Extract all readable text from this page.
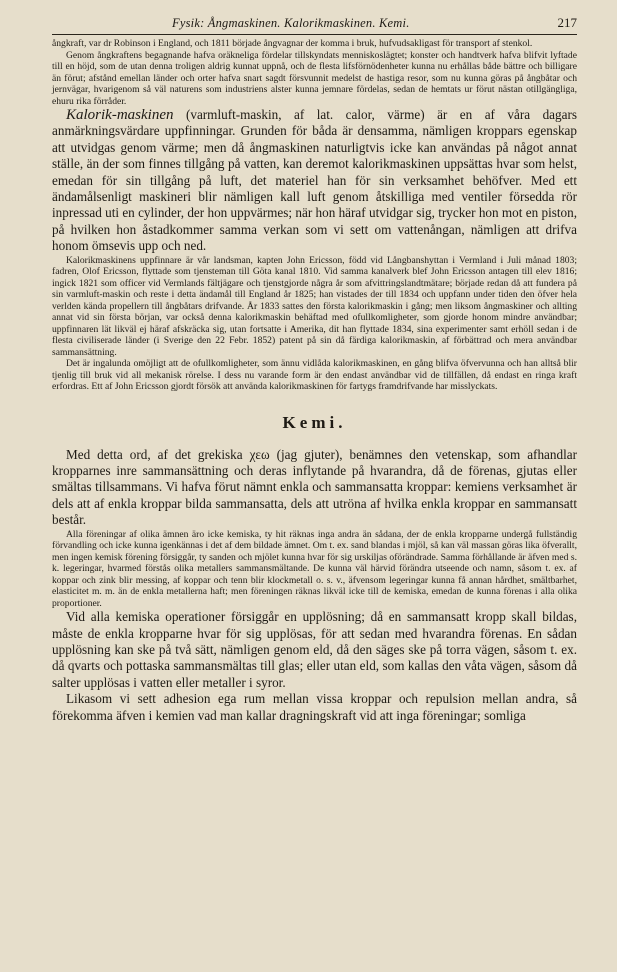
Fysik: Ångmaskinen. Kalorikmaskinen. Kemi.	217

ångkraft, var dr Robinson i England, och 1811 började ångvagnar der komma i bruk, hufvudsakligast för transport af stenkol.

Genom ångkraftens begagnande hafva oräkneliga fördelar tillskyndats menniskoslägtet; konster och handtverk hafva blifvit lyftade till en höjd, som de utan denna troligen aldrig kunnat uppnå, och de flesta lifsförnödenheter kunna nu erhållas både bättre och billigare än förut; afstånd emellan länder och orter hafva snart sagdt försvunnit medelst de hastiga resor, som nu kunna göras på ångbåtar och jernvägar, hvarigenom så väl naturens som industriens alster kunna jemnare fördelas, sedan de hemtats ur förut nästan otillgängliga, ehuru rika förråder.

Kalorik-maskinen (varmluft-maskin, af lat. calor, värme) är en af våra dagars anmärkningsvärdare uppfinningar. Grunden för båda är densamma, nämligen kroppars egenskap att utvidgas genom värme; men då ångmaskinen naturligtvis icke kan användas på något annat ställe, än der som finnes tillgång på vatten, kan deremot kalorikmaskinen uppsättas hvar som helst, emedan för sin tillgång på luft, det materiel han för sin verksamhet behöfver. Med ett ändamålsenligt maskineri blir nämligen kall luft genom åtskilliga med ventiler försedda rör inpressad uti en cylinder, der hon uppvärmes; när hon häraf utvidgar sig, trycker hon mot en piston, på hvilken hon åstadkommer samma verkan som vi sett om vattenångan, nämligen att drifva honom ömsevis upp och ned.

Kalorikmaskinens uppfinnare är vår landsman, kapten John Ericsson, född vid Långbanshyttan i Vermland i Juli månad 1803; fadren, Olof Ericsson, flyttade som tjensteman till Göta kanal 1810. Vid samma kanalverk blef John Ericsson antagen till elev 1816; ingick 1821 som officer vid Vermlands fältjägare och tjenstgjorde några år som afvittringslandtmätare; började redan då att fundera på sin varmluft-maskin och reste i detta ändamål till England år 1825; han vistades der till 1834 och uppfann under tiden den öfver hela verlden kända propellern till ångbåtars drifvande. År 1833 sattes den första kalorikmaskin i gång; men liksom ångmaskiner och allting annat vid sin första början, var också denna kalorikmaskin behäftad med ofullkomligheter, som gjorde honom mindre användbar; uppfinnaren lät likväl ej häraf afskräcka sig, utan fortsatte i Amerika, dit han flyttade 1834, sina experimenter samt erhöll sedan i de flesta civiliserade länder (i Sverige den 22 Febr. 1852) patent på sin då färdiga kalorikmaskin, af förbättrad och mera användbar sammansättning.

Det är ingalunda omöjligt att de ofullkomligheter, som ännu vidlåda kalorikmaskinen, en gång blifva öfvervunna och han alltså blir tjenlig till bruk vid all mekanisk rörelse. I dess nu varande form är den endast användbar vid de tillfällen, då endast en ringa kraft erfordras. Ett af John Ericsson gjordt försök att använda kalorikmaskinen för fartygs framdrifvande har misslyckats.

Kemi.

Med detta ord, af det grekiska χεω (jag gjuter), benämnes den vetenskap, som afhandlar kropparnes inre sammansättning och deras inflytande på hvarandra, då de förenas, gjutas eller smältas tillsammans. Vi hafva förut nämnt enkla och sammansatta kroppar: kemiens verksamhet är dels att af enkla kroppar bilda sammansatta, dels att utröna af hvilka enkla kroppar en sammansatt består.

Alla föreningar af olika ämnen äro icke kemiska, ty hit räknas inga andra än sådana, der de enkla kropparne undergå fullständig förvandling och icke kunna igenkännas i det af dem bildade ämnet. Om t. ex. sand blandas i mjöl, så kan väl massan göras lika öfverallt, men ingen kemisk förening försiggår, ty sanden och mjölet kunna hvar för sig urskiljas oförändrade. Samma förhållande är äfven med s. k. legeringar, hvarmed förstås olika metallers sammansmältande. De kunna väl härvid förändra utseende och namn, såsom t. ex. af koppar och zink blir messing, af koppar och tenn blir klockmetall o. s. v., äfvensom legeringar kunna få annan hårdhet, smältbarhet, elasticitet m. m. än de enkla metallerna haft; men föreningen räknas likväl icke till de kemiska, emedan de kunna förenas i alla olika proportioner.

Vid alla kemiska operationer försiggår en upplösning; då en sammansatt kropp skall bildas, måste de enkla kropparne hvar för sig upplösas, för att sedan med hvarandra förenas. En sådan upplösning kan ske på två sätt, nämligen genom eld, då den säges ske på torra vägen, såsom t. ex. då qvarts och pottaska sammansmältas till glas; eller utan eld, som kallas den våta vägen, såsom då salter upplösas i vatten eller metaller i syror.

Likasom vi sett adhesion ega rum mellan vissa kroppar och repulsion mellan andra, så förekomma äfven i kemien vad man kallar dragningskraft vid att inga föreningar; somliga
